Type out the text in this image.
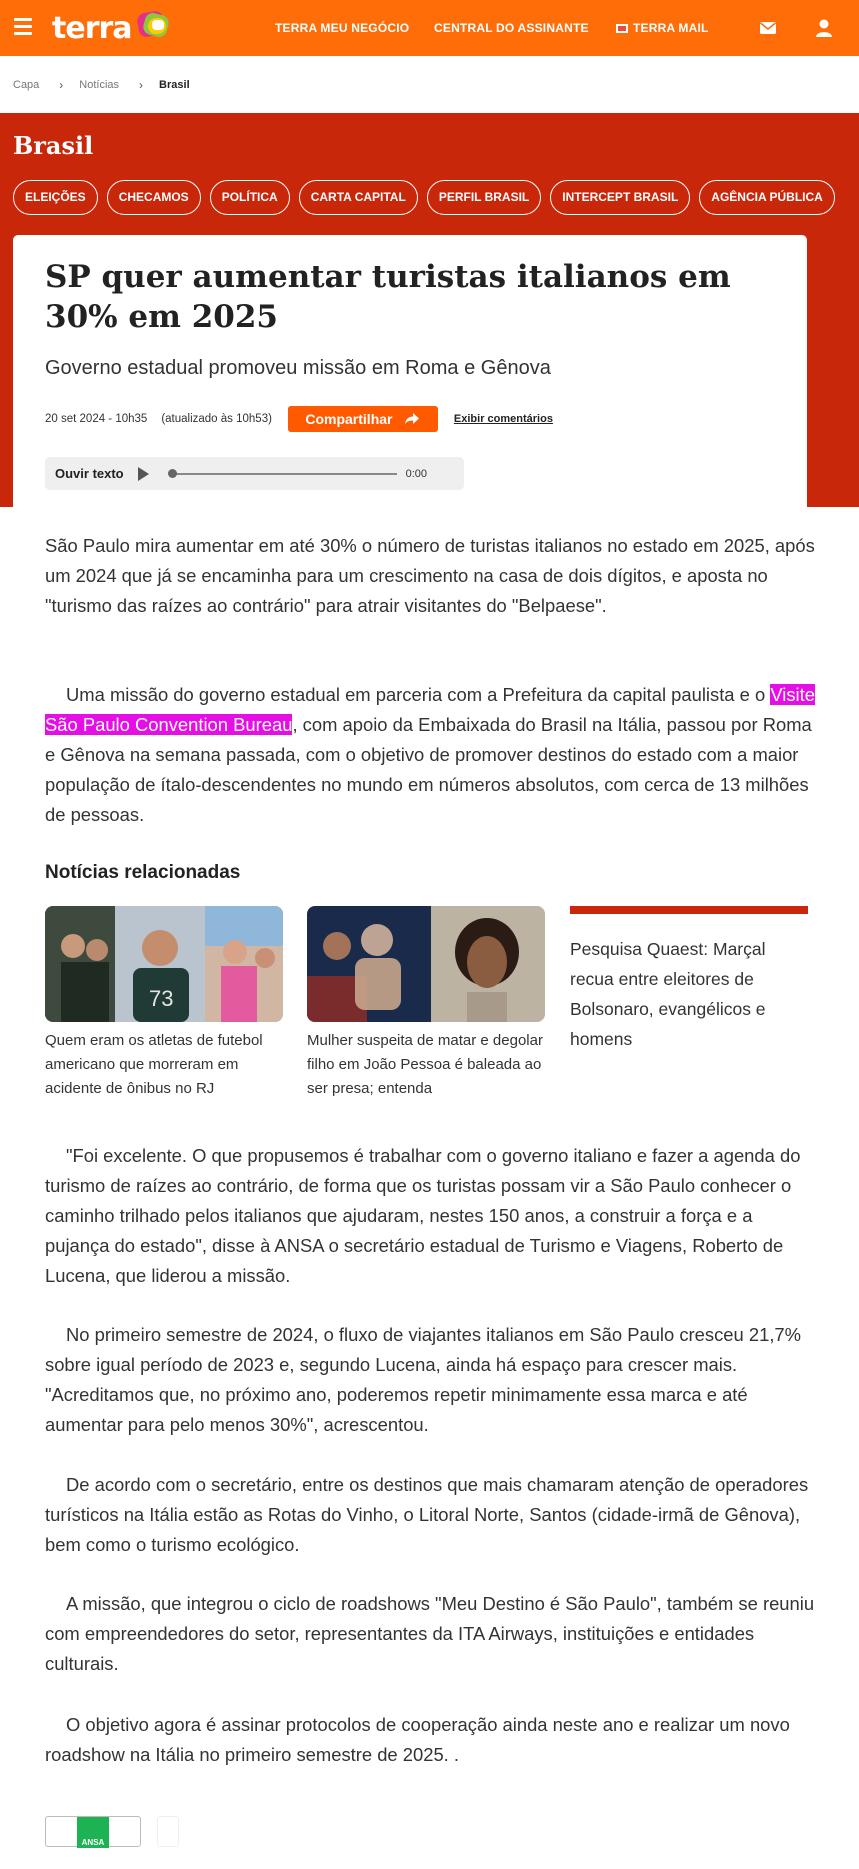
terra	TERRA MEU NEGÓCIO CENTRAL DO ASSINANTE	TERRA MAIL
Capa › Notícias › Brasil
Brasil
ELEIÇÕES	CHECAMOS	POLÍTICA	CARTA CAPITAL	PERFIL BRASIL	INTERCEPT BRASIL	AGÊNCIA PÚBLICA
SP quer aumentar turistas italianos em 30% em 2025
Governo estadual promoveu missão em Roma e Gênova
20 set 2024 - 10h35 (atualizado às 10h53) Compartilhar	Exibir comentários
Ouvir texto	0:00

São Paulo mira aumentar em até 30% o número de turistas italianos no estado em 2025, após um 2024 que já se encaminha para um crescimento na casa de dois dígitos, e aposta no "turismo das raízes ao contrário" para atrair visitantes do "Belpaese".

Uma missão do governo estadual em parceria com a Prefeitura da capital paulista e o Visite São Paulo Convention Bureau, com apoio da Embaixada do Brasil na Itália, passou por Roma e Gênova na semana passada, com o objetivo de promover destinos do estado com a maior população de ítalo-descendentes no mundo em números absolutos, com cerca de 13 milhões de pessoas.

Notícias relacionadas
73
Quem eram os atletas de futebol americano que morreram em acidente de ônibus no RJ
Mulher suspeita de matar e degolar filho em João Pessoa é baleada ao ser presa; entenda
Pesquisa Quaest: Marçal recua entre eleitores de Bolsonaro, evangélicos e homens

"Foi excelente. O que propusemos é trabalhar com o governo italiano e fazer a agenda do turismo de raízes ao contrário, de forma que os turistas possam vir a São Paulo conhecer o caminho trilhado pelos italianos que ajudaram, nestes 150 anos, a construir a força e a pujança do estado", disse à ANSA o secretário estadual de Turismo e Viagens, Roberto de Lucena, que liderou a missão.

No primeiro semestre de 2024, o fluxo de viajantes italianos em São Paulo cresceu 21,7% sobre igual período de 2023 e, segundo Lucena, ainda há espaço para crescer mais. "Acreditamos que, no próximo ano, poderemos repetir minimamente essa marca e até aumentar para pelo menos 30%", acrescentou.

De acordo com o secretário, entre os destinos que mais chamaram atenção de operadores turísticos na Itália estão as Rotas do Vinho, o Litoral Norte, Santos (cidade-irmã de Gênova), bem como o turismo ecológico.

A missão, que integrou o ciclo de roadshows "Meu Destino é São Paulo", também se reuniu com empreendedores do setor, representantes da ITA Airways, instituições e entidades culturais.

O objetivo agora é assinar protocolos de cooperação ainda neste ano e realizar um novo roadshow na Itália no primeiro semestre de 2025. .

ANSA
